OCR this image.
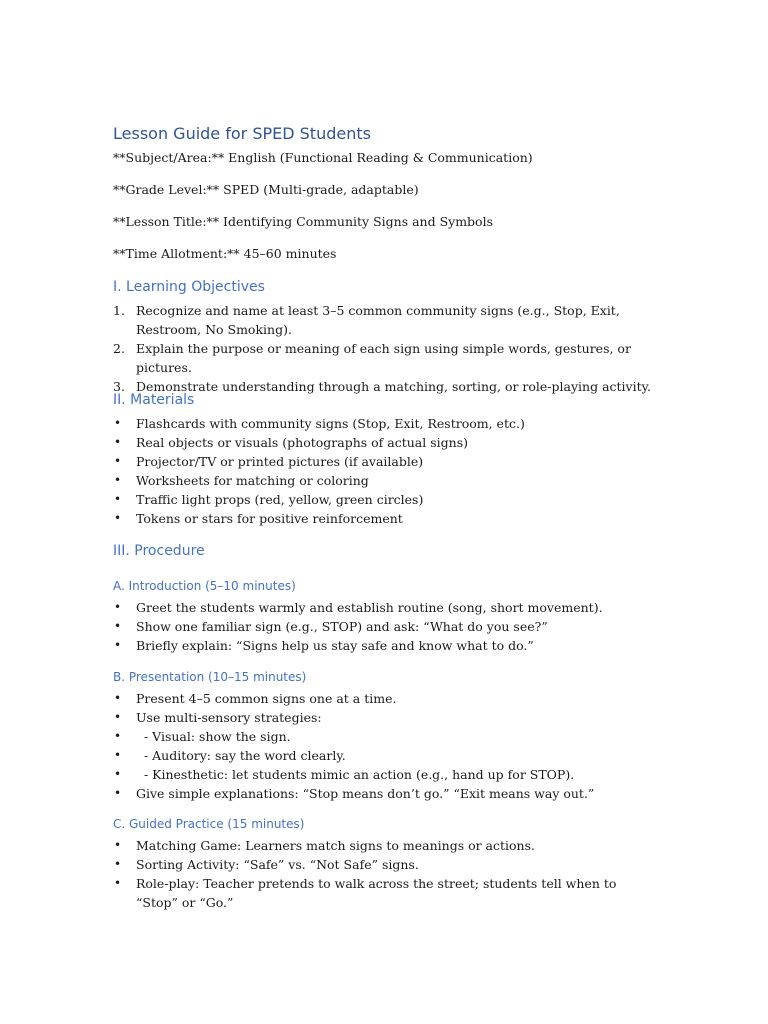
Lesson Guide for SPED Students
**Subject/Area:** English (Functional Reading & Communication)
**Grade Level:** SPED (Multi-grade, adaptable)
**Lesson Title:** Identifying Community Signs and Symbols
**Time Allotment:** 45–60 minutes
I. Learning Objectives
1. Recognize and name at least 3–5 common community signs (e.g., Stop, Exit, Restroom, No Smoking).
2. Explain the purpose or meaning of each sign using simple words, gestures, or pictures.
3. Demonstrate understanding through a matching, sorting, or role-playing activity.
II. Materials
• Flashcards with community signs (Stop, Exit, Restroom, etc.)
• Real objects or visuals (photographs of actual signs)
• Projector/TV or printed pictures (if available)
• Worksheets for matching or coloring
• Traffic light props (red, yellow, green circles)
• Tokens or stars for positive reinforcement
III. Procedure
A. Introduction (5–10 minutes)
• Greet the students warmly and establish routine (song, short movement).
• Show one familiar sign (e.g., STOP) and ask: “What do you see?”
• Briefly explain: “Signs help us stay safe and know what to do.”
B. Presentation (10–15 minutes)
• Present 4–5 common signs one at a time.
• Use multi-sensory strategies:
• - Visual: show the sign.
• - Auditory: say the word clearly.
• - Kinesthetic: let students mimic an action (e.g., hand up for STOP).
• Give simple explanations: “Stop means don’t go.” “Exit means way out.”
C. Guided Practice (15 minutes)
• Matching Game: Learners match signs to meanings or actions.
• Sorting Activity: “Safe” vs. “Not Safe” signs.
• Role-play: Teacher pretends to walk across the street; students tell when to “Stop” or “Go.”
